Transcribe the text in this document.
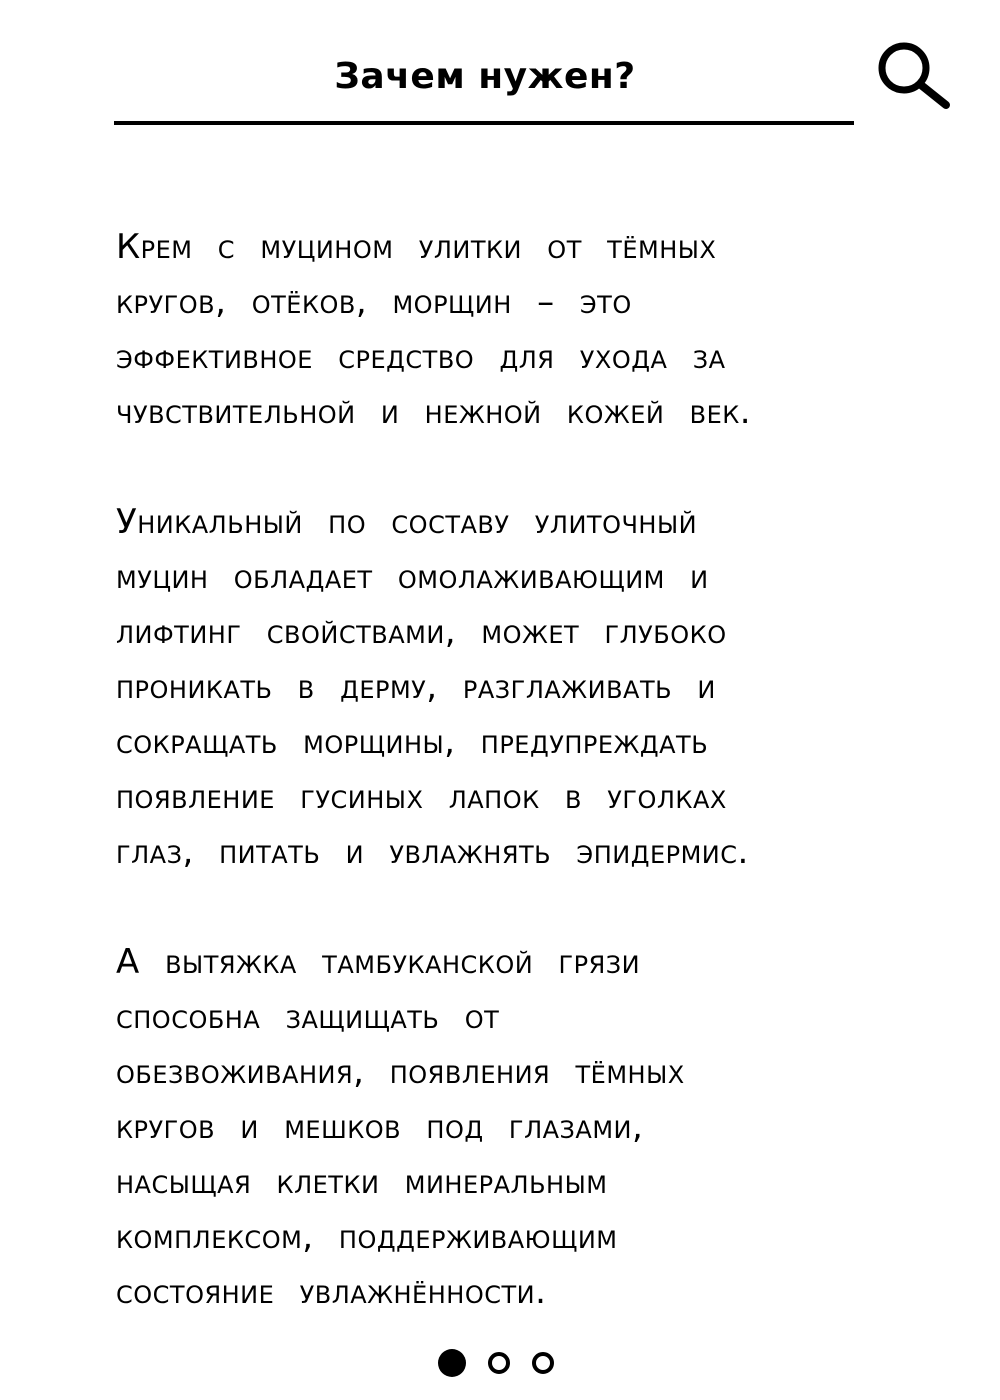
Зачем нужен?

Крем с муцином улитки от тёмных
кругов, отёков, морщин – это
эффективное средство для ухода за
чувствительной и нежной кожей век.

Уникальный по составу улиточный
муцин обладает омолаживающим и
лифтинг свойствами, может глубоко
проникать в дерму, разглаживать и
сокращать морщины, предупреждать
появление гусиных лапок в уголках
глаз, питать и увлажнять эпидермис.

А вытяжка тамбуканской грязи
способна защищать от
обезвоживания, появления тёмных
кругов и мешков под глазами,
насыщая клетки минеральным
комплексом, поддерживающим
состояние увлажнённости.
